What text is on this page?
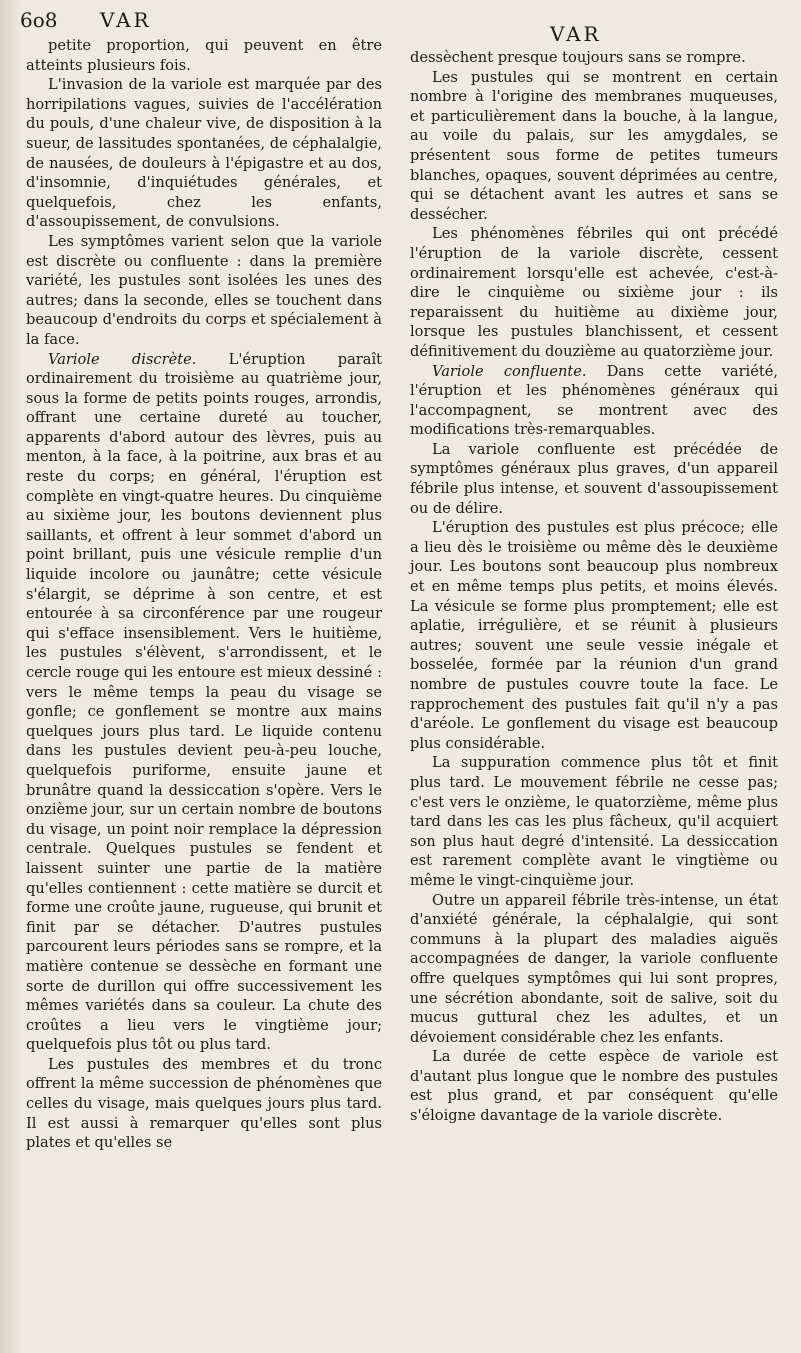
6o8 VAR
VAR

petite proportion, qui peuvent en être atteints plusieurs fois.

L'invasion de la variole est marquée par des horripilations vagues, suivies de l'accélération du pouls, d'une chaleur vive, de disposition à la sueur, de lassitudes spontanées, de céphalalgie, de nausées, de douleurs à l'épigastre et au dos, d'insomnie, d'inquiétudes générales, et quelquefois, chez les enfants, d'assoupissement, de convulsions.

Les symptômes varient selon que la variole est discrète ou confluente : dans la première variété, les pustules sont isolées les unes des autres; dans la seconde, elles se touchent dans beaucoup d'endroits du corps et spécialement à la face.

Variole discrète. L'éruption paraît ordinairement du troisième au quatrième jour, sous la forme de petits points rouges, arrondis, offrant une certaine dureté au toucher, apparents d'abord autour des lèvres, puis au menton, à la face, à la poitrine, aux bras et au reste du corps; en général, l'éruption est complète en vingt-quatre heures. Du cinquième au sixième jour, les boutons deviennent plus saillants, et offrent à leur sommet d'abord un point brillant, puis une vésicule remplie d'un liquide incolore ou jaunâtre; cette vésicule s'élargit, se déprime à son centre, et est entourée à sa circonférence par une rougeur qui s'efface insensiblement. Vers le huitième, les pustules s'élèvent, s'arrondissent, et le cercle rouge qui les entoure est mieux dessiné : vers le même temps la peau du visage se gonfle; ce gonflement se montre aux mains quelques jours plus tard. Le liquide contenu dans les pustules devient peu-à-peu louche, quelquefois puriforme, ensuite jaune et brunâtre quand la dessiccation s'opère. Vers le onzième jour, sur un certain nombre de boutons du visage, un point noir remplace la dépression centrale. Quelques pustules se fendent et laissent suinter une partie de la matière qu'elles contiennent : cette matière se durcit et forme une croûte jaune, rugueuse, qui brunit et finit par se détacher. D'autres pustules parcourent leurs périodes sans se rompre, et la matière contenue se dessèche en formant une sorte de durillon qui offre successivement les mêmes variétés dans sa couleur. La chute des croûtes a lieu vers le vingtième jour; quelquefois plus tôt ou plus tard.

Les pustules des membres et du tronc offrent la même succession de phénomènes que celles du visage, mais quelques jours plus tard. Il est aussi à remarquer qu'elles sont plus plates et qu'elles se

dessèchent presque toujours sans se rompre.

Les pustules qui se montrent en certain nombre à l'origine des membranes muqueuses, et particulièrement dans la bouche, à la langue, au voile du palais, sur les amygdales, se présentent sous forme de petites tumeurs blanches, opaques, souvent déprimées au centre, qui se détachent avant les autres et sans se dessécher.

Les phénomènes fébriles qui ont précédé l'éruption de la variole discrète, cessent ordinairement lorsqu'elle est achevée, c'est-à-dire le cinquième ou sixième jour : ils reparaissent du huitième au dixième jour, lorsque les pustules blanchissent, et cessent définitivement du douzième au quatorzième jour.

Variole confluente. Dans cette variété, l'éruption et les phénomènes généraux qui l'accompagnent, se montrent avec des modifications très-remarquables.

La variole confluente est précédée de symptômes généraux plus graves, d'un appareil fébrile plus intense, et souvent d'assoupissement ou de délire.

L'éruption des pustules est plus précoce; elle a lieu dès le troisième ou même dès le deuxième jour. Les boutons sont beaucoup plus nombreux et en même temps plus petits, et moins élevés. La vésicule se forme plus promptement; elle est aplatie, irrégulière, et se réunit à plusieurs autres; souvent une seule vessie inégale et bosselée, formée par la réunion d'un grand nombre de pustules couvre toute la face. Le rapprochement des pustules fait qu'il n'y a pas d'aréole. Le gonflement du visage est beaucoup plus considérable.

La suppuration commence plus tôt et finit plus tard. Le mouvement fébrile ne cesse pas; c'est vers le onzième, le quatorzième, même plus tard dans les cas les plus fâcheux, qu'il acquiert son plus haut degré d'intensité. La dessiccation est rarement complète avant le vingtième ou même le vingt-cinquième jour.

Outre un appareil fébrile très-intense, un état d'anxiété générale, la céphalalgie, qui sont communs à la plupart des maladies aiguës accompagnées de danger, la variole confluente offre quelques symptômes qui lui sont propres, une sécrétion abondante, soit de salive, soit du mucus guttural chez les adultes, et un dévoiement considérable chez les enfants.

La durée de cette espèce de variole est d'autant plus longue que le nombre des pustules est plus grand, et par conséquent qu'elle s'éloigne davantage de la variole discrète.
